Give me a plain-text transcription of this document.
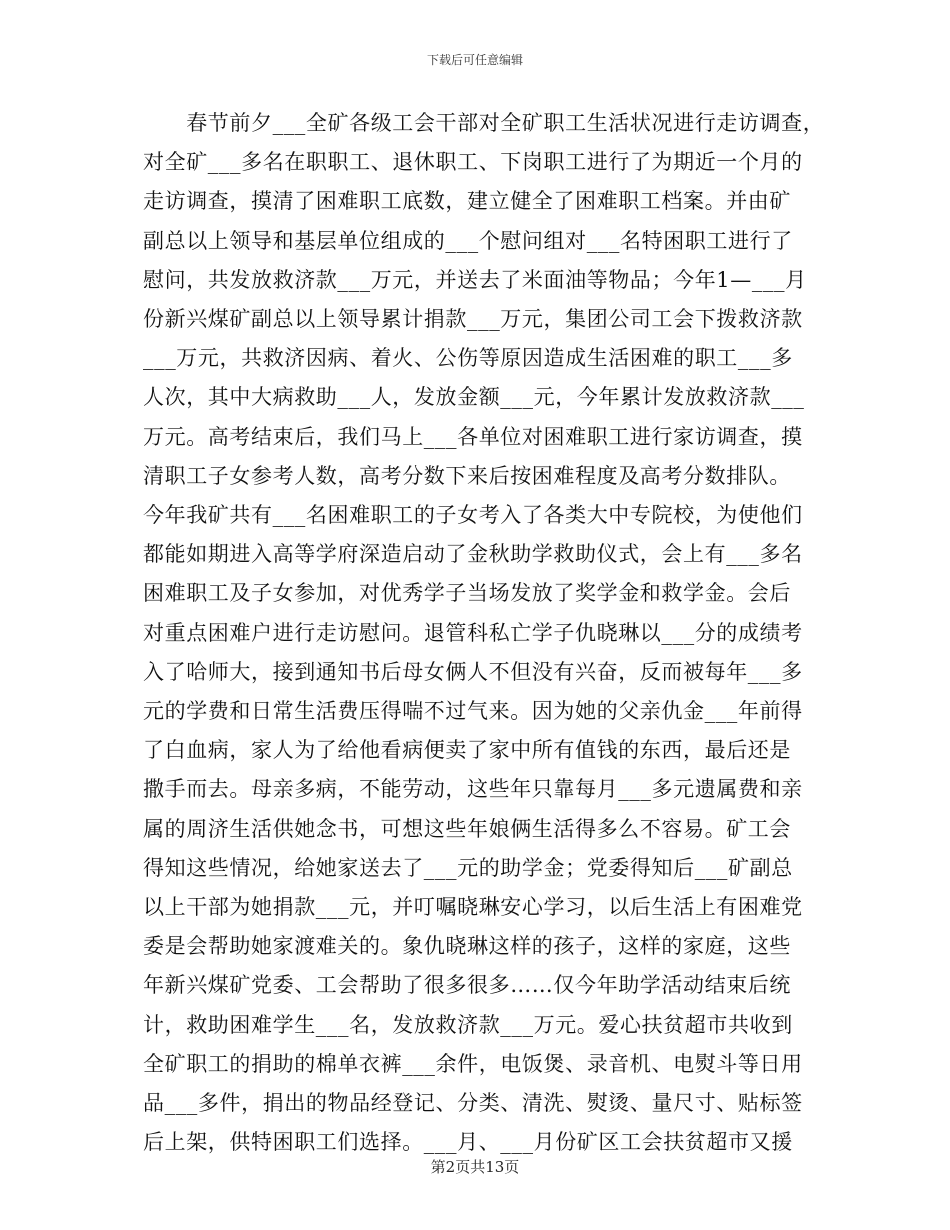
下载后可任意编辑
　　春节前夕___全矿各级工会干部对全矿职工生活状况进行走访调查，
对全矿___多名在职职工、退休职工、下岗职工进行了为期近一个月的
走访调查，摸清了困难职工底数，建立健全了困难职工档案。并由矿
副总以上领导和基层单位组成的___个慰问组对___名特困职工进行了
慰问，共发放救济款___万元，并送去了米面油等物品；今年1—___月
份新兴煤矿副总以上领导累计捐款___万元，集团公司工会下拨救济款
___万元，共救济因病、着火、公伤等原因造成生活困难的职工___多
人次，其中大病救助___人，发放金额___元，今年累计发放救济款___
万元。高考结束后，我们马上___各单位对困难职工进行家访调查，摸
清职工子女参考人数，高考分数下来后按困难程度及高考分数排队。
今年我矿共有___名困难职工的子女考入了各类大中专院校，为使他们
都能如期进入高等学府深造启动了金秋助学救助仪式，会上有___多名
困难职工及子女参加，对优秀学子当场发放了奖学金和救学金。会后
对重点困难户进行走访慰问。退管科私亡学子仇晓琳以___分的成绩考
入了哈师大，接到通知书后母女俩人不但没有兴奋，反而被每年___多
元的学费和日常生活费压得喘不过气来。因为她的父亲仇金___年前得
了白血病，家人为了给他看病便卖了家中所有值钱的东西，最后还是
撒手而去。母亲多病，不能劳动，这些年只靠每月___多元遗属费和亲
属的周济生活供她念书，可想这些年娘俩生活得多么不容易。矿工会
得知这些情况，给她家送去了___元的助学金；党委得知后___矿副总
以上干部为她捐款___元，并叮嘱晓琳安心学习，以后生活上有困难党
委是会帮助她家渡难关的。象仇晓琳这样的孩子，这样的家庭，这些
年新兴煤矿党委、工会帮助了很多很多……仅今年助学活动结束后统
计，救助困难学生___名，发放救济款___万元。爱心扶贫超市共收到
全矿职工的捐助的棉单衣裤___余件，电饭煲、录音机、电熨斗等日用
品___多件，捐出的物品经登记、分类、清洗、熨烫、量尺寸、贴标签
后上架，供特困职工们选择。___月、___月份矿区工会扶贫超市又援
第2页共13页
